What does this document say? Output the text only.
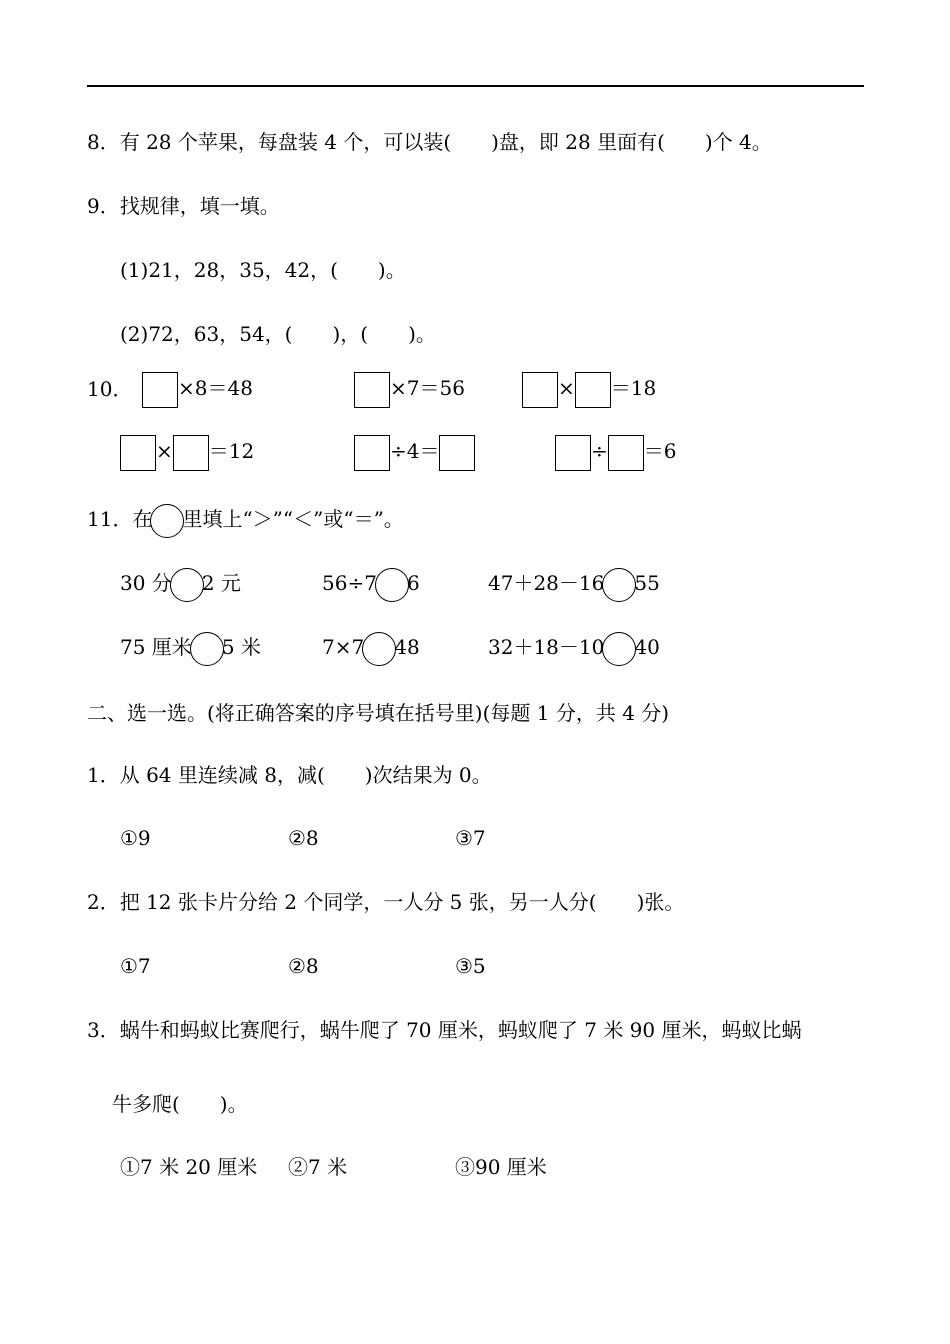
8．有 28 个苹果，每盘装 4 个，可以装(　　)盘，即 28 里面有(　　)个 4。
9．找规律，填一填。
(1)21，28，35，42，(　　)。
(2)72，63，54，(　　)，(　　)。
10．	×8＝48	×7＝56	× ＝18
× ＝12	÷4＝	÷ ＝6
11．在 里填上“＞”“＜”或“＝”。
30 分 2 元	56÷7 6	47＋28－16 55
75 厘米 5 米	7×7 48	32＋18－10 40
二、选一选。(将正确答案的序号填在括号里)(每题 1 分，共 4 分)
1．从 64 里连续减 8，减(　　)次结果为 0。
①9	②8	③7
2．把 12 张卡片分给 2 个同学，一人分 5 张，另一人分(　　)张。
①7	②8	③5
3．蜗牛和蚂蚁比赛爬行，蜗牛爬了 70 厘米，蚂蚁爬了 7 米 90 厘米，蚂蚁比蜗
牛多爬(　　)。
①7 米 20 厘米 ②7 米	③90 厘米
